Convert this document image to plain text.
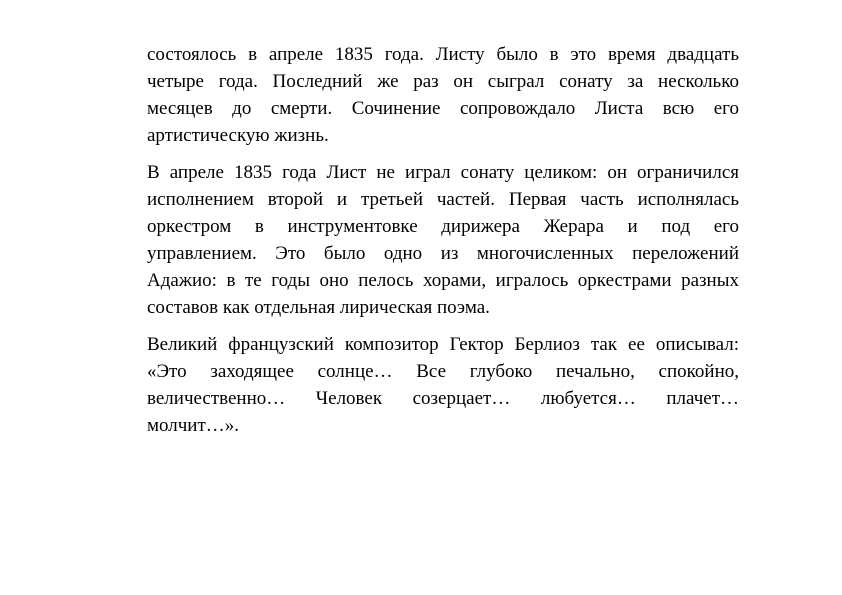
состоялось в апреле 1835 года. Листу было в это время двадцать
четыре года. Последний же раз он сыграл сонату за несколько
месяцев до смерти. Сочинение сопровождало Листа всю его
артистическую жизнь.
В апреле 1835 года Лист не играл сонату целиком: он ограничился
исполнением второй и третьей частей. Первая часть исполнялась
оркестром в инструментовке дирижера Жерара и под его
управлением. Это было одно из многочисленных переложений
Адажио: в те годы оно пелось хорами, игралось оркестрами разных
составов как отдельная лирическая поэма.
Великий французский композитор Гектор Берлиоз так ее описывал:
«Это заходящее солнце… Все глубоко печально, спокойно,
величественно… Человек созерцает… любуется… плачет…
молчит…».
